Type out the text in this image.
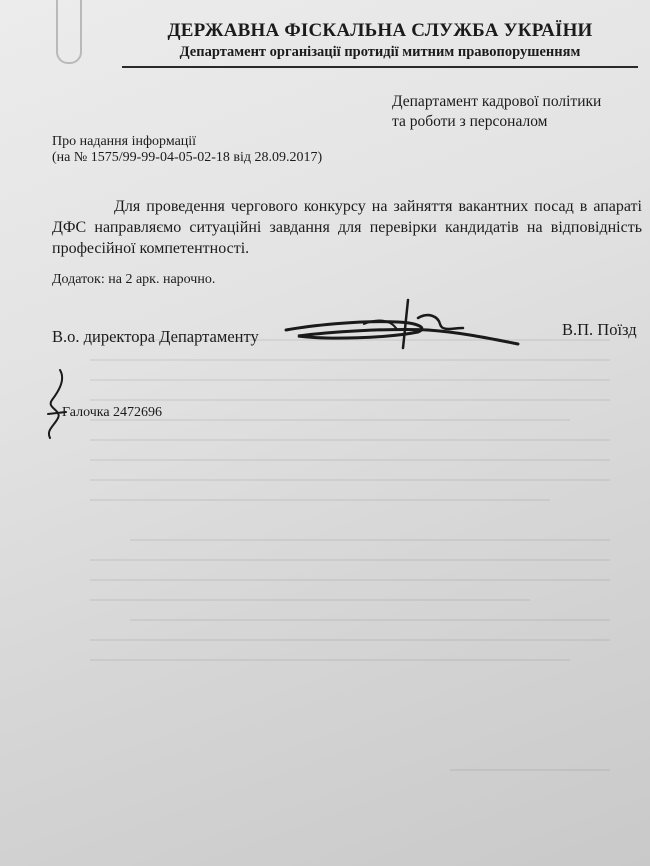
ДЕРЖАВНА ФІСКАЛЬНА СЛУЖБА УКРАЇНИ
Департамент організації протидії митним правопорушенням
Департамент кадрової політики
та роботи з персоналом
Про надання інформації
(на № 1575/99-99-04-05-02-18 від 28.09.2017)
Для проведення чергового конкурсу на зайняття вакантних посад в апараті ДФС направляємо ситуаційні завдання для перевірки кандидатів на відповідність професійної компетентності.
Додаток: на 2 арк. нарочно.
В.о. директора Департаменту	В.П. Поїзд
Галочка 2472696
